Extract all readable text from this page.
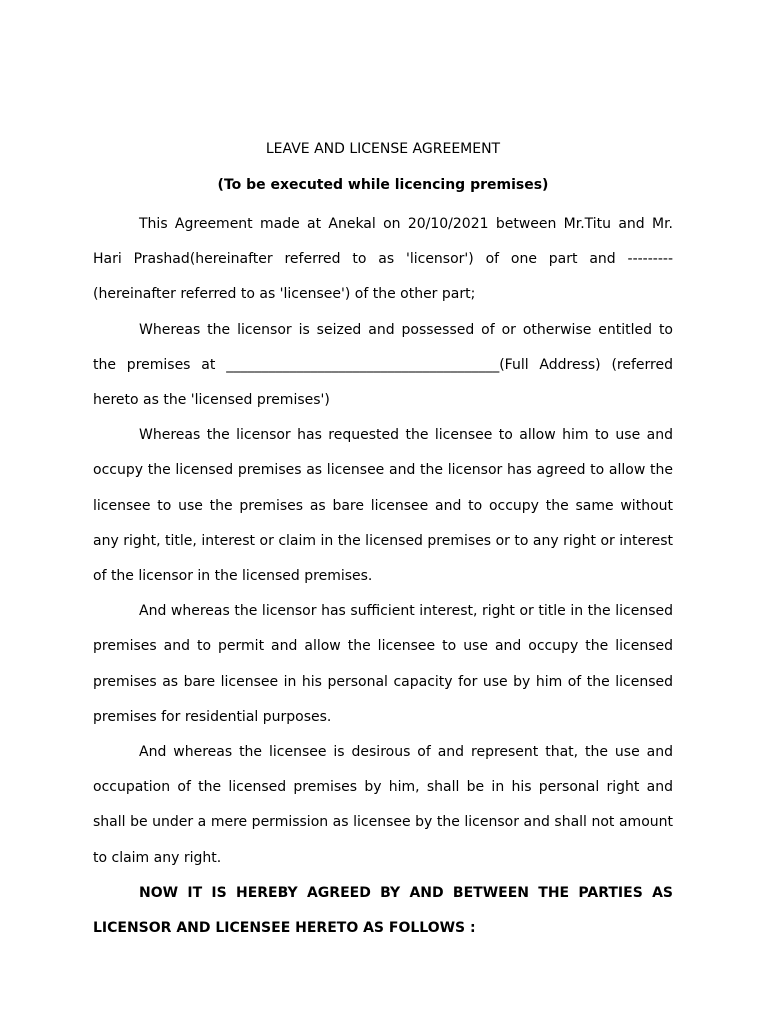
LEAVE AND LICENSE AGREEMENT
(To be executed while licencing premises)

This Agreement made at Anekal on 20/10/2021 between Mr.Titu and Mr. Hari Prashad(hereinafter referred to as 'licensor') of one part and --------- (hereinafter referred to as 'licensee') of the other part;

Whereas the licensor is seized and possessed of or otherwise entitled to the premises at _______________________________________(Full Address) (referred hereto as the 'licensed premises')

Whereas the licensor has requested the licensee to allow him to use and occupy the licensed premises as licensee and the licensor has agreed to allow the licensee to use the premises as bare licensee and to occupy the same without any right, title, interest or claim in the licensed premises or to any right or interest of the licensor in the licensed premises.

And whereas the licensor has sufficient interest, right or title in the licensed premises and to permit and allow the licensee to use and occupy the licensed premises as bare licensee in his personal capacity for use by him of the licensed premises for residential purposes.

And whereas the licensee is desirous of and represent that, the use and occupation of the licensed premises by him, shall be in his personal right and shall be under a mere permission as licensee by the licensor and shall not amount to claim any right.

NOW IT IS HEREBY AGREED BY AND BETWEEN THE PARTIES AS LICENSOR AND LICENSEE HERETO AS FOLLOWS :
